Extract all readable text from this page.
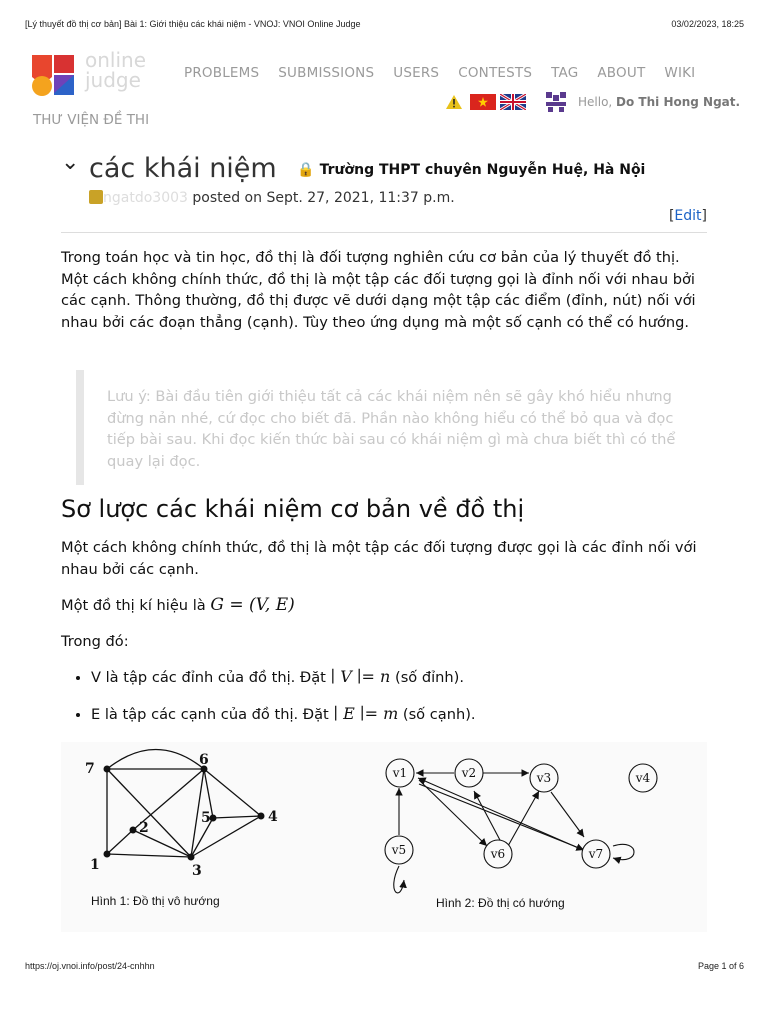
[Lý thuyết đồ thị cơ bản] Bài 1: Giới thiệu các khái niệm - VNOJ: VNOI Online Judge	03/02/2023, 18:25
online
judge	PROBLEMS SUBMISSIONS USERS CONTESTS TAG ABOUT WIKI
THƯ VIỆN ĐỀ THI
Hello, Do Thi Hong Ngat.
⌄ các khái niệm 🔒 Trường THPT chuyên Nguyễn Huệ, Hà Nội
ngatdo3003 posted on Sept. 27, 2021, 11:37 p.m.
[Edit]
Trong toán học và tin học, đồ thị là đối tượng nghiên cứu cơ bản của lý thuyết đồ thị. Một cách không chính thức, đồ thị là một tập các đối tượng gọi là đỉnh nối với nhau bởi các cạnh. Thông thường, đồ thị được vẽ dưới dạng một tập các điểm (đỉnh, nút) nối với nhau bởi các đoạn thẳng (cạnh). Tùy theo ứng dụng mà một số cạnh có thể có hướng.
Lưu ý: Bài đầu tiên giới thiệu tất cả các khái niệm nên sẽ gây khó hiểu nhưng đừng nản nhé, cứ đọc cho biết đã. Phần nào không hiểu có thể bỏ qua và đọc tiếp bài sau. Khi đọc kiến thức bài sau có khái niệm gì mà chưa biết thì có thể quay lại đọc.
Sơ lược các khái niệm cơ bản về đồ thị
Một cách không chính thức, đồ thị là một tập các đối tượng được gọi là các đỉnh nối với nhau bởi các cạnh.
Một đồ thị kí hiệu là G = (V, E)
Trong đó:
• V là tập các đỉnh của đồ thị. Đặt ∣ V ∣= n (số đỉnh).
• E là tập các cạnh của đồ thị. Đặt ∣ E ∣= m (số cạnh).
1
2
3
4
5
6
7
Hình 1: Đồ thị vô hướng
v1	v2	v3	v4
v5	v6	v7
Hình 2: Đồ thị có hướng
https://oj.vnoi.info/post/24-cnhhn	Page 1 of 6
